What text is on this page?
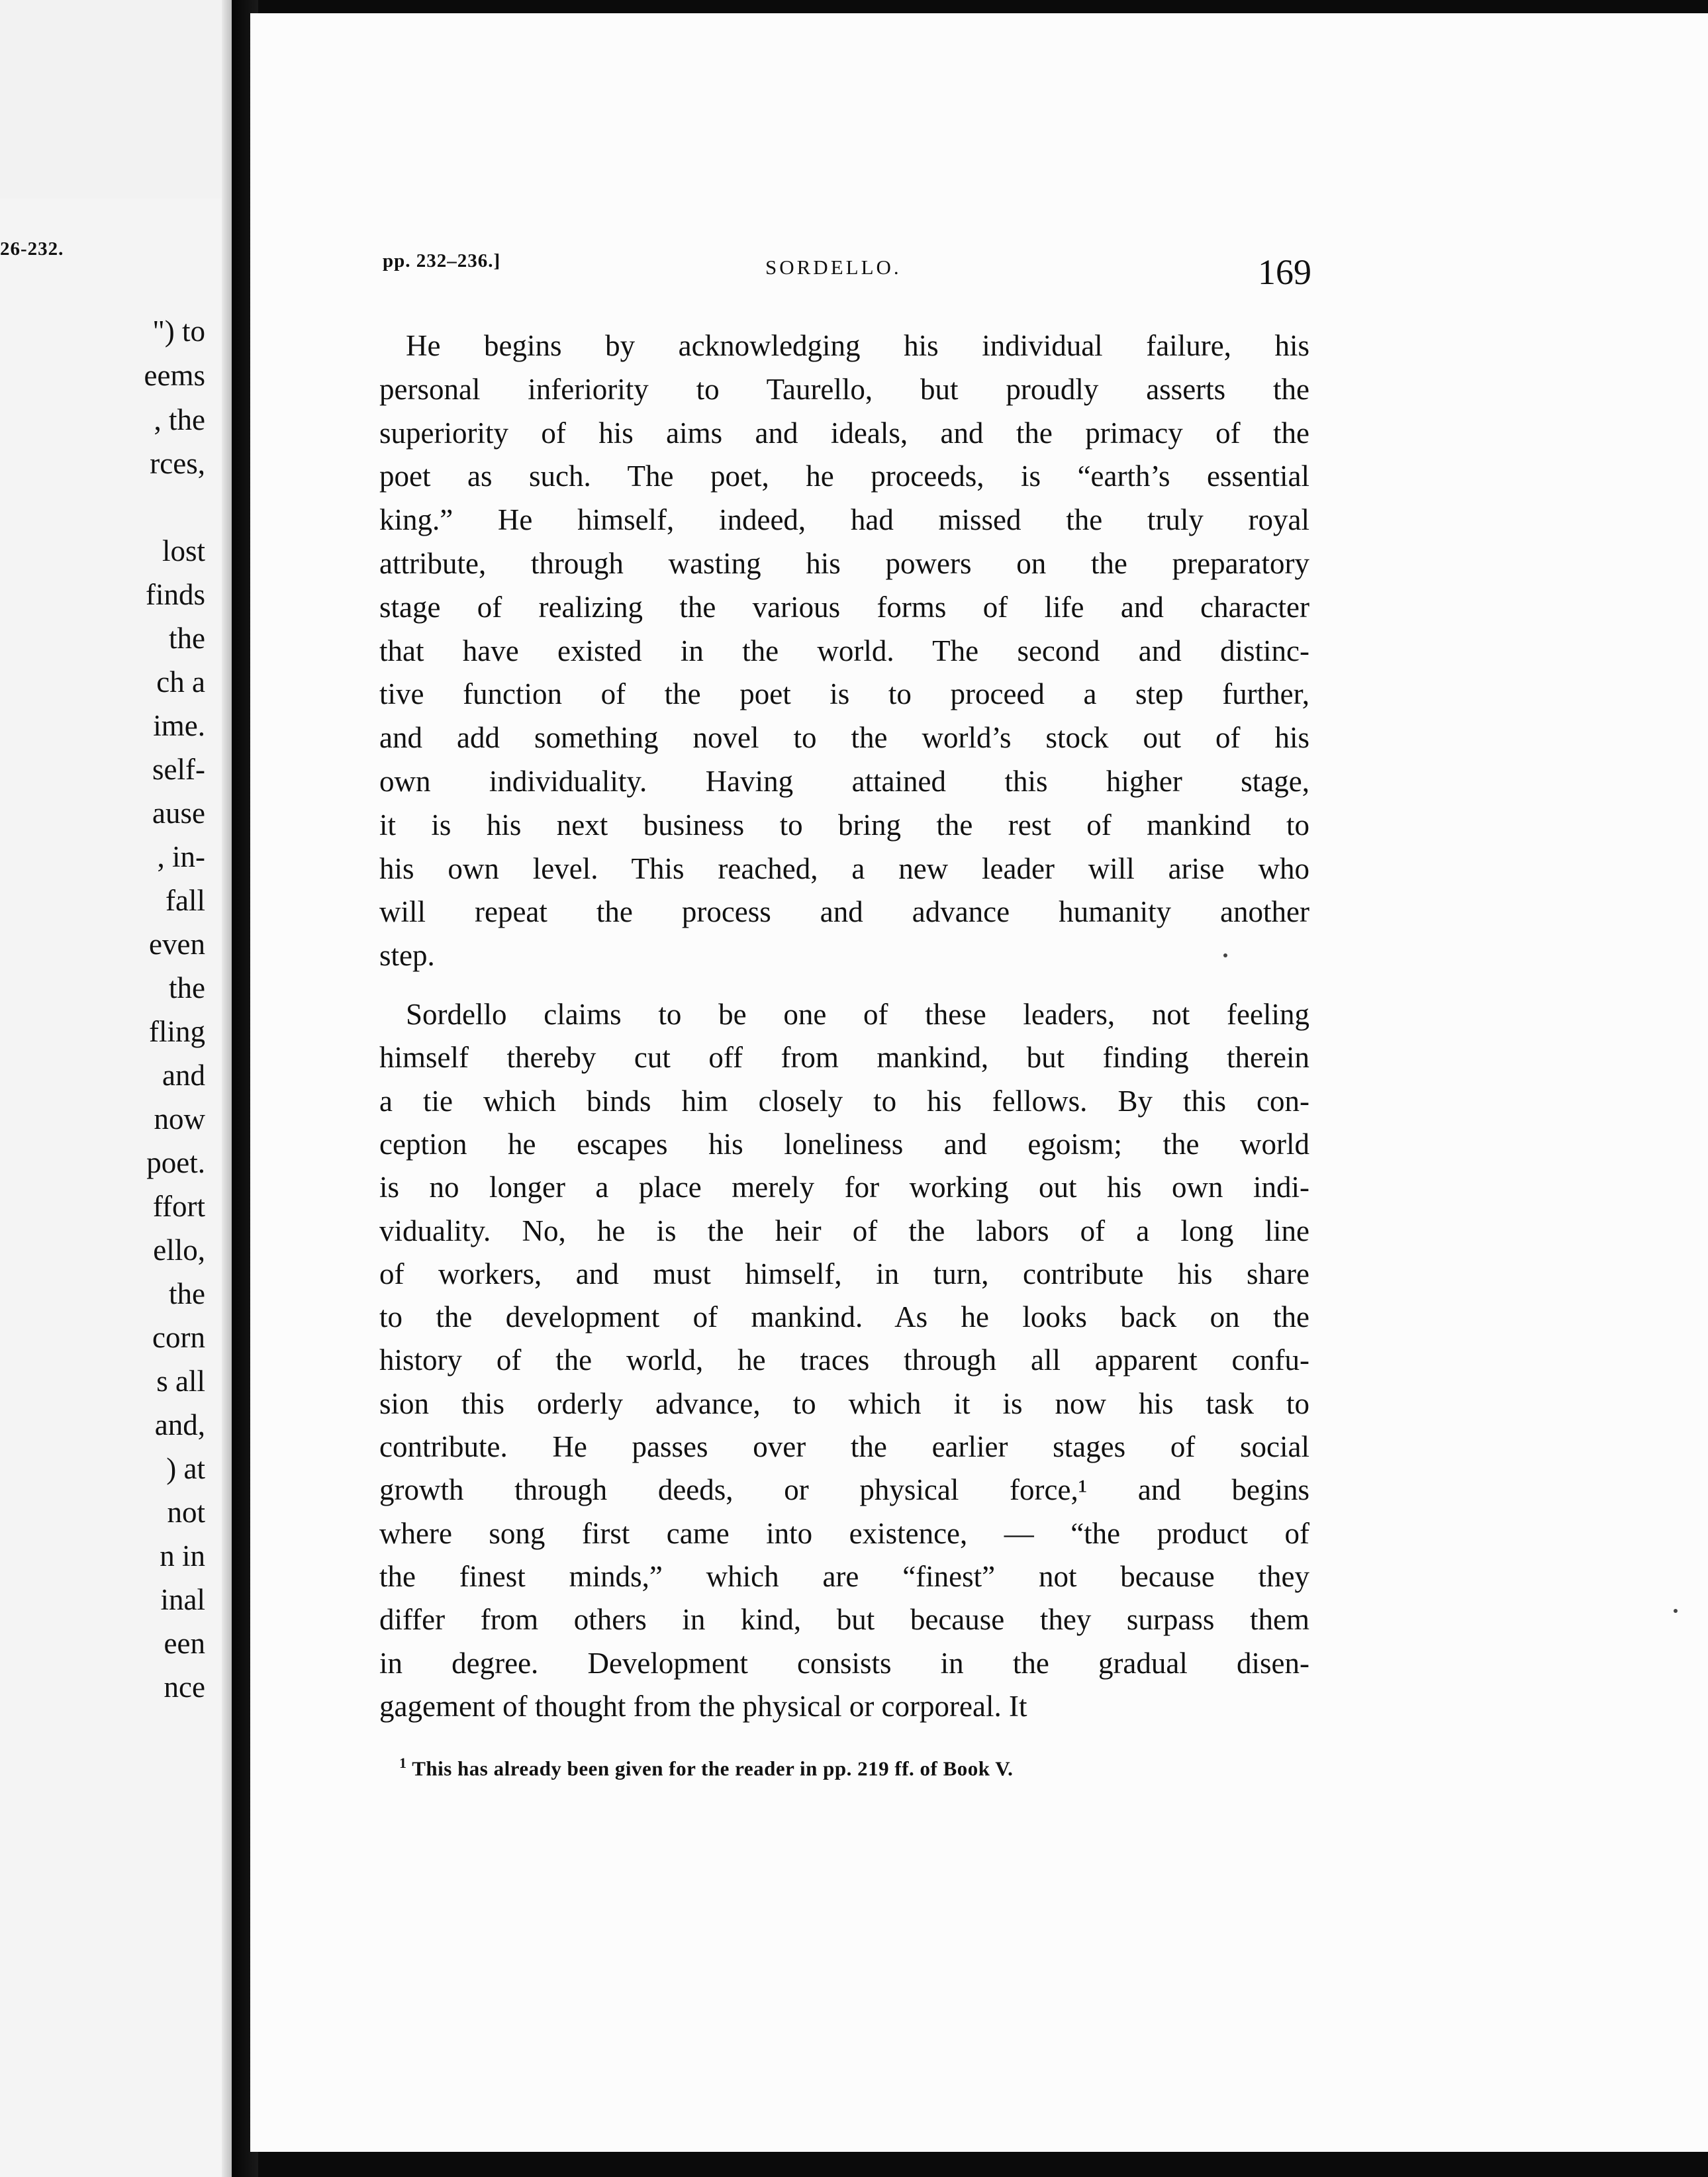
26-232.
") to
eems
, the
rces,
lost
finds
the
ch a
ime.
self-
ause
, in-
fall
even
the
fling
and
now
poet.
ffort
ello,
the
corn
s all
and,
) at
not
n in
inal
een
nce
pp. 232–236.]	SORDELLO.	169
He begins by acknowledging his individual failure, his
personal inferiority to Taurello, but proudly asserts the
superiority of his aims and ideals, and the primacy of the
poet as such. The poet, he proceeds, is “earth’s essential
king.” He himself, indeed, had missed the truly royal
attribute, through wasting his powers on the preparatory
stage of realizing the various forms of life and character
that have existed in the world. The second and distinc-
tive function of the poet is to proceed a step further,
and add something novel to the world’s stock out of his
own individuality. Having attained this higher stage,
it is his next business to bring the rest of mankind to
his own level. This reached, a new leader will arise who
will repeat the process and advance humanity another
step.
Sordello claims to be one of these leaders, not feeling
himself thereby cut off from mankind, but finding therein
a tie which binds him closely to his fellows. By this con-
ception he escapes his loneliness and egoism; the world
is no longer a place merely for working out his own indi-
viduality. No, he is the heir of the labors of a long line
of workers, and must himself, in turn, contribute his share
to the development of mankind. As he looks back on the
history of the world, he traces through all apparent confu-
sion this orderly advance, to which it is now his task to
contribute. He passes over the earlier stages of social
growth through deeds, or physical force,¹ and begins
where song first came into existence, — “the product of
the finest minds,” which are “finest” not because they
differ from others in kind, but because they surpass them
in degree. Development consists in the gradual disen-
gagement of thought from the physical or corporeal. It
$^1$ This has already been given for the reader in pp. 219 ff. of Book V.
